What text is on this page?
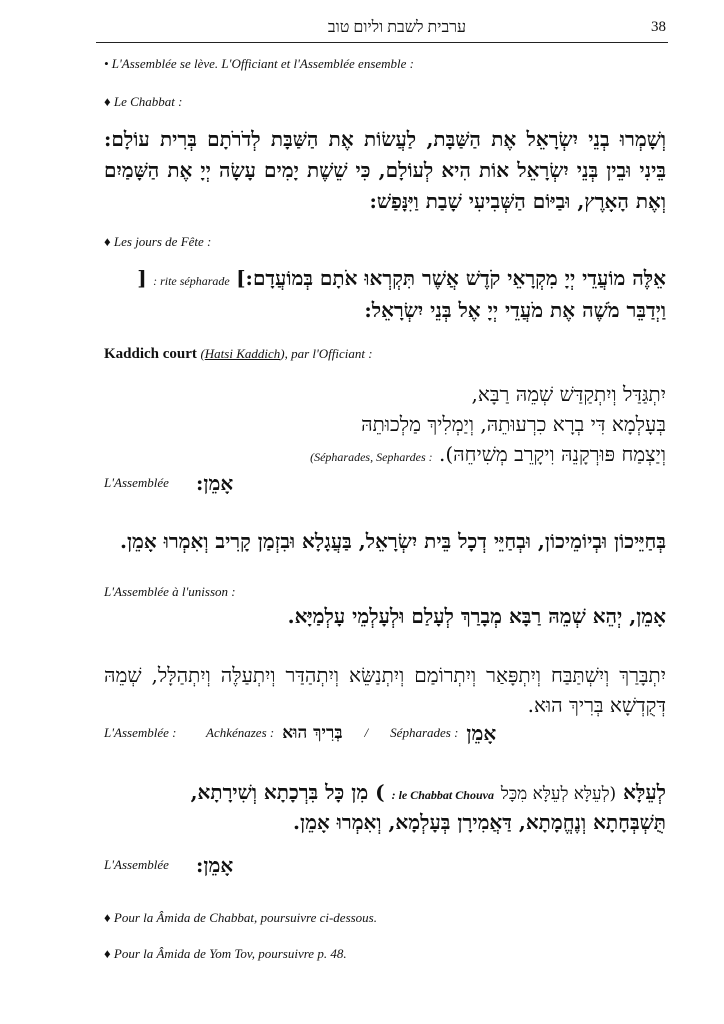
ערבית לשבת וליום טוב	38
• L'Assemblée se lève. L'Officiant et l'Assemblée ensemble :
♦ Le Chabbat :
וְשָׁמְרוּ בְנֵי יִשְׂרָאֵל אֶת הַשַּׁבָּת, לַעֲשׂוֹת אֶת הַשַּׁבָּת לְדֹרֹתָם בְּרִית עוֹלָם: בֵּינִי וּבֵין בְּנֵי יִשְׂרָאֵל אוֹת הִיא לְעוֹלָם, כִּי שֵׁשֶׁת יָמִים עָשָׂה יְיָ אֶת הַשָּׁמַיִם וְאֶת הָאָרֶץ, וּבַיּוֹם הַשְּׁבִיעִי שָׁבַת וַיִּנָּפַשׁ:
♦ Les jours de Fête :
אֵלֶּה מוֹעֲדֵי יְיָ מִקְרָאֵי קֹדֶשׁ אֲשֶׁר תִּקְרְאוּ אֹתָם בְּמוֹעֲדָם:] : rite sépharade [
וַיְדַבֵּר מֹשֶׁה אֶת מֹעֲדֵי יְיָ אֶל בְּנֵי יִשְׂרָאֵל:
Kaddich court (Hatsi Kaddich), par l'Officiant :
יִתְגַּדַּל וְיִתְקַדַּשׁ שְׁמֵהּ רַבָּא,
בְּעָלְמָא דִּי בְרָא כִרְעוּתֵהּ, וְיַמְלִיךְ מַלְכוּתֵהּ
וְיַצְמַח פּוּרְקָנֵהּ וִיקָרֵב מְשִׁיחֵהּ). (Sépharades, Sephardes :
L'Assemblée	אָמֵן:
בְּחַיֵּיכוֹן וּבְיוֹמֵיכוֹן, וּבְחַיֵּי דְכָל בֵּית יִשְׂרָאֵל, בַּעֲגָלָא וּבִזְמַן קָרִיב וְאִמְרוּ אָמֵן.
L'Assemblée à l'unisson :
אָמֵן, יְהֵא שְׁמֵהּ רַבָּא מְבָרַךְ לְעָלַם וּלְעָלְמֵי עָלְמַיָּא.
יִתְבָּרַךְ וְיִשְׁתַּבַּח וְיִתְפָּאַר וְיִתְרוֹמַם וְיִתְנַשֵּׂא וְיִתְהַדַּר וְיִתְעַלֶּה וְיִתְהַלָּל, שְׁמֵהּ דְּקֻדְשָׁא בְּרִיךְ הוּא.
L'Assemblée :	Achkénazes : בְּרִיךְ הוּא / Sépharades : אָמֵן
לְעֵלָּא (לְעֵלָּא לְעֵלָּא מִכָּל : le Chabbat Chouva ) מִן כָּל בִּרְכָתָא וְשִׁירָתָא,
תֻּשְׁבְּחָתָא וְנֶחֱמָתָא, דַּאֲמִירָן בְּעָלְמָא, וְאִמְרוּ אָמֵן.
L'Assemblée	אָמֵן:
♦ Pour la Âmida de Chabbat, poursuivre ci-dessous.
♦ Pour la Âmida de Yom Tov, poursuivre p. 48.
